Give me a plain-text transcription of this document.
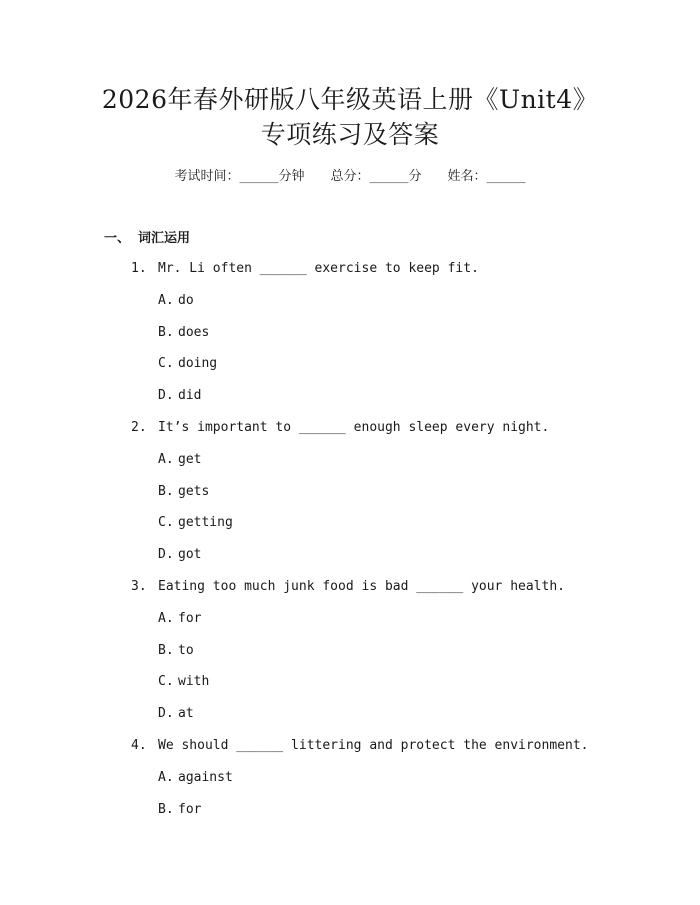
2026年春外研版八年级英语上册《Unit4》
专项练习及答案
考试时间：______分钟 总分：______分 姓名：______
一、 词汇运用
1. Mr. Li often ______ exercise to keep fit.
A. do
B. does
C. doing
D. did
2. It’s important to ______ enough sleep every night.
A. get
B. gets
C. getting
D. got
3. Eating too much junk food is bad ______ your health.
A. for
B. to
C. with
D. at
4. We should ______ littering and protect the environment.
A. against
B. for
